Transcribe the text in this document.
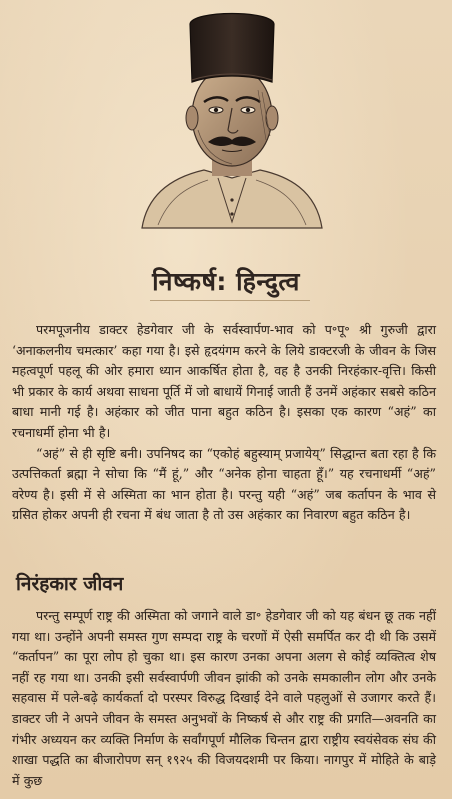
निष्कर्ष: हिन्दुत्व

परमपूजनीय डाक्टर हेडगेवार जी के सर्वस्वार्पण-भाव को प॰पू॰ श्री गुरुजी द्वारा ‘अनाकलनीय चमत्कार’ कहा गया है। इसे हृदयंगम करने के लिये डाक्टरजी के जीवन के जिस महत्वपूर्ण पहलू की ओर हमारा ध्यान आकर्षित होता है, वह है उनकी निरहंकार-वृत्ति। किसी भी प्रकार के कार्य अथवा साधना पूर्ति में जो बाधायें गिनाई जाती हैं उनमें अहंकार सबसे कठिन बाधा मानी गई है। अहंकार को जीत पाना बहुत कठिन है। इसका एक कारण “अहं” का रचनाधर्मी होना भी है।

“अहं” से ही सृष्टि बनी। उपनिषद का “एकोहं बहुस्याम् प्रजायेय्” सिद्धान्त बता रहा है कि उत्पत्तिकर्ता ब्रह्मा ने सोचा कि “मैं हूं,” और “अनेक होना चाहता हूँ।” यह रचनाधर्मी “अहं” वरेण्य है। इसी में से अस्मिता का भान होता है। परन्तु यही “अहं” जब कर्तापन के भाव से ग्रसित होकर अपनी ही रचना में बंध जाता है तो उस अहंकार का निवारण बहुत कठिन है।

निरंहकार जीवन

परन्तु सम्पूर्ण राष्ट्र की अस्मिता को जगाने वाले डा॰ हेडगेवार जी को यह बंधन छू तक नहीं गया था। उन्होंने अपनी समस्त गुण सम्पदा राष्ट्र के चरणों में ऐसी समर्पित कर दी थी कि उसमें “कर्तापन” का पूरा लोप हो चुका था। इस कारण उनका अपना अलग से कोई व्यक्तित्व शेष नहीं रह गया था। उनकी इसी सर्वस्वार्पणी जीवन झांकी को उनके समकालीन लोग और उनके सहवास में पले-बढ़े कार्यकर्ता दो परस्पर विरुद्ध दिखाई देने वाले पहलुओं से उजागर करते हैं। डाक्टर जी ने अपने जीवन के समस्त अनुभवों के निष्कर्ष से और राष्ट्र की प्रगति—अवनति का गंभीर अध्ययन कर व्यक्ति निर्माण के सर्वांगपूर्ण मौलिक चिन्तन द्वारा राष्ट्रीय स्वयंसेवक संघ की शाखा पद्धति का बीजारोपण सन् १९२५ की विजयदशमी पर किया। नागपुर में मोहिते के बाड़े में कुछ
